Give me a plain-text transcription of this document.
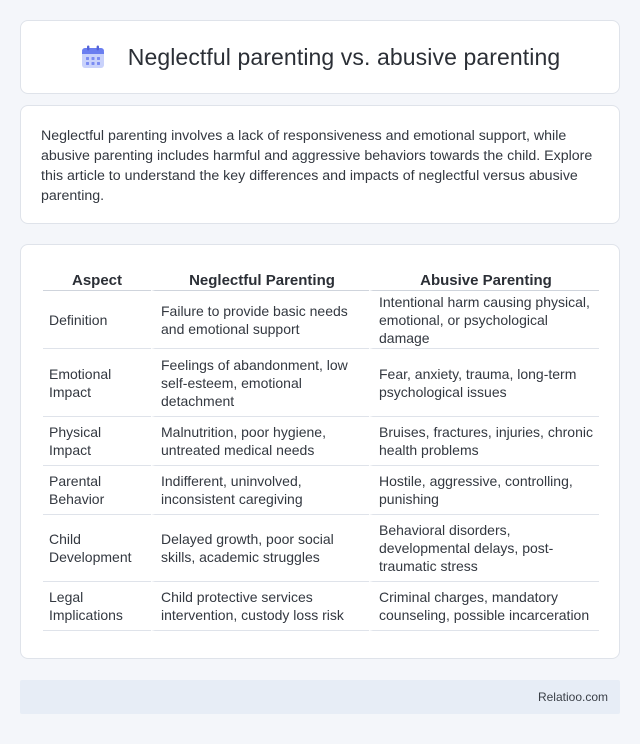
Neglectful parenting vs. abusive parenting

Neglectful parenting involves a lack of responsiveness and emotional support, while abusive parenting includes harmful and aggressive behaviors towards the child. Explore this article to understand the key differences and impacts of neglectful versus abusive parenting.

Aspect	Neglectful Parenting	Abusive Parenting
Definition	Failure to provide basic needs and emotional support	Intentional harm causing physical, emotional, or psychological damage
Emotional Impact	Feelings of abandonment, low self-esteem, emotional detachment	Fear, anxiety, trauma, long-term psychological issues
Physical Impact	Malnutrition, poor hygiene, untreated medical needs	Bruises, fractures, injuries, chronic health problems
Parental Behavior	Indifferent, uninvolved, inconsistent caregiving	Hostile, aggressive, controlling, punishing
Child Development	Delayed growth, poor social skills, academic struggles	Behavioral disorders, developmental delays, post-traumatic stress
Legal Implications	Child protective services intervention, custody loss risk	Criminal charges, mandatory counseling, possible incarceration
Relatioo.com
